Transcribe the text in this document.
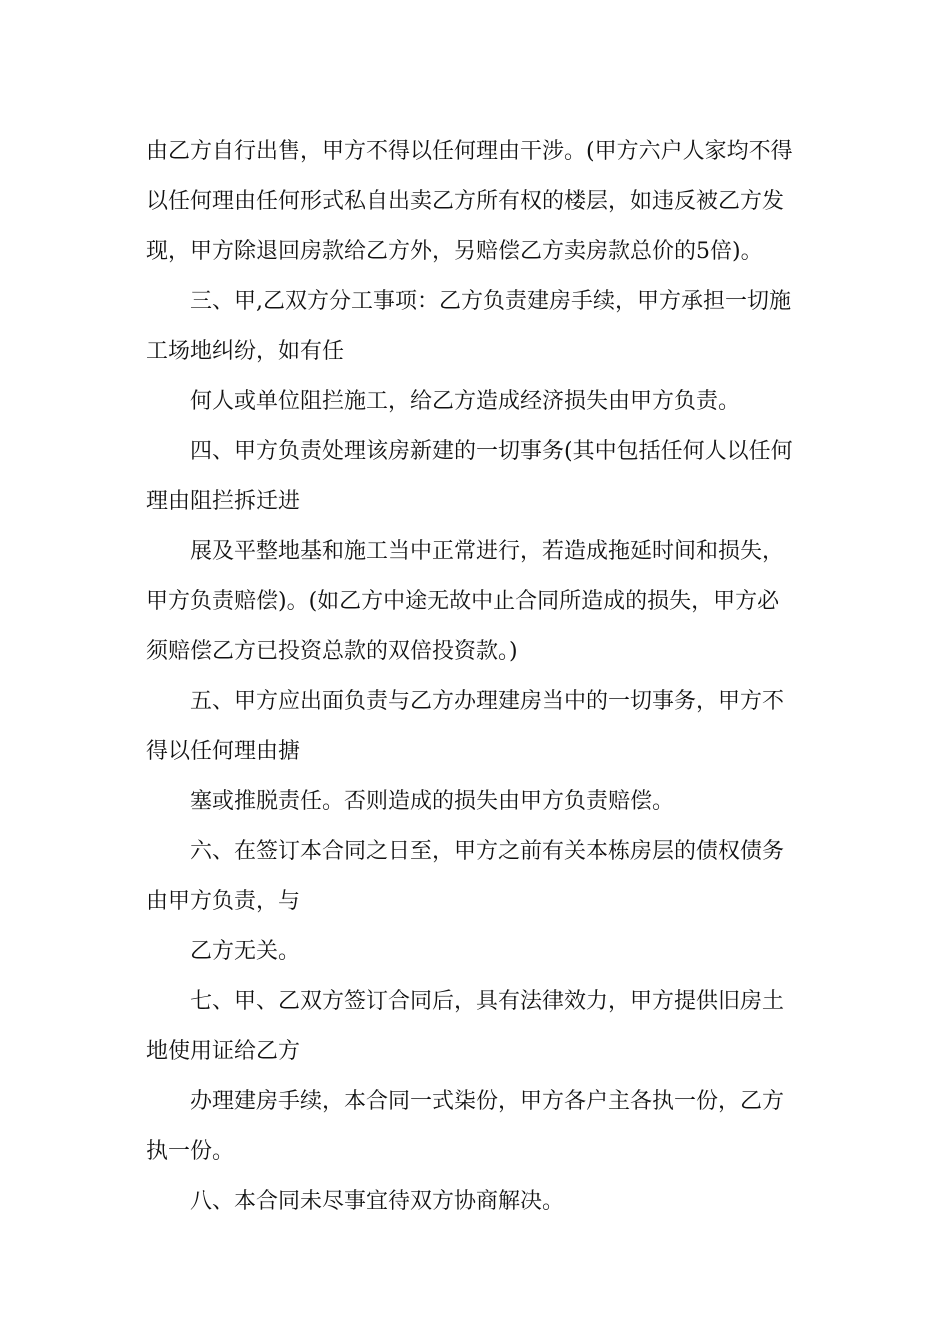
由乙方自行出售，甲方不得以任何理由干涉。(甲方六户人家均不得

以任何理由任何形式私自出卖乙方所有权的楼层，如违反被乙方发

现，甲方除退回房款给乙方外，另赔偿乙方卖房款总价的5倍)。

三、甲,乙双方分工事项：乙方负责建房手续，甲方承担一切施

工场地纠纷，如有任

何人或单位阻拦施工，给乙方造成经济损失由甲方负责。

四、甲方负责处理该房新建的一切事务(其中包括任何人以任何

理由阻拦拆迁进

展及平整地基和施工当中正常进行，若造成拖延时间和损失，

甲方负责赔偿)。(如乙方中途无故中止合同所造成的损失，甲方必

须赔偿乙方已投资总款的双倍投资款。)

五、甲方应出面负责与乙方办理建房当中的一切事务，甲方不

得以任何理由搪

塞或推脱责任。否则造成的损失由甲方负责赔偿。

六、在签订本合同之日至，甲方之前有关本栋房层的债权债务

由甲方负责，与

乙方无关。

七、甲、乙双方签订合同后，具有法律效力，甲方提供旧房土

地使用证给乙方

办理建房手续，本合同一式柒份，甲方各户主各执一份，乙方

执一份。

八、本合同未尽事宜待双方协商解决。
